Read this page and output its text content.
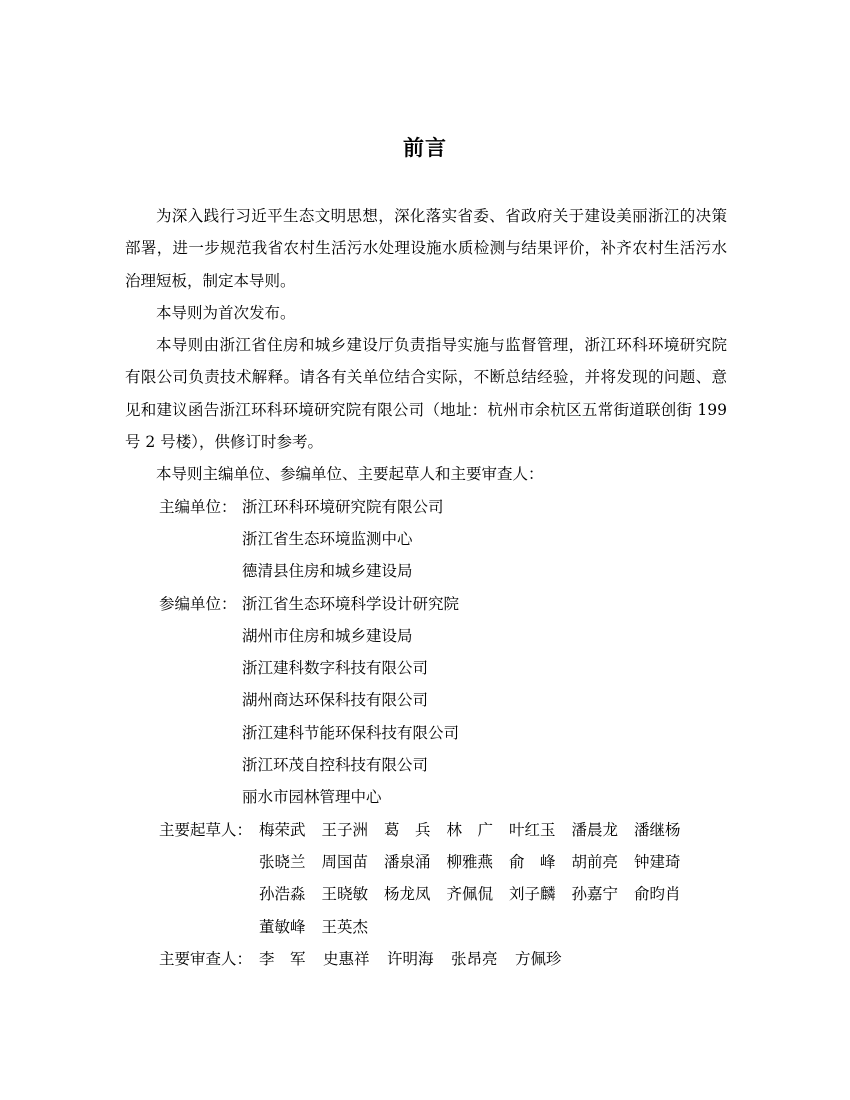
前言

为深入践行习近平生态文明思想，深化落实省委、省政府关于建设美丽浙江的决策部署，进一步规范我省农村生活污水处理设施水质检测与结果评价，补齐农村生活污水治理短板，制定本导则。

本导则为首次发布。

本导则由浙江省住房和城乡建设厅负责指导实施与监督管理，浙江环科环境研究院有限公司负责技术解释。请各有关单位结合实际，不断总结经验，并将发现的问题、意见和建议函告浙江环科环境研究院有限公司（地址：杭州市余杭区五常街道联创街 199 号 2 号楼），供修订时参考。

本导则主编单位、参编单位、主要起草人和主要审查人：

主编单位： 浙江环科环境研究院有限公司
浙江省生态环境监测中心
德清县住房和城乡建设局
参编单位： 浙江省生态环境科学设计研究院
湖州市住房和城乡建设局
浙江建科数字科技有限公司
湖州商达环保科技有限公司
浙江建科节能环保科技有限公司
浙江环茂自控科技有限公司
丽水市园林管理中心
主要起草人： 梅荣武	王子洲	葛　兵	林　广	叶红玉	潘晨龙	潘继杨
张晓兰	周国苗	潘泉涌	柳雅燕	俞　峰	胡前亮	钟建琦
孙浩淼	王晓敏	杨龙凤	齐佩侃	刘子麟	孙嘉宁	俞昀肖
董敏峰	王英杰
主要审查人： 李　军	史惠祥	许明海	张昂亮	方佩珍
